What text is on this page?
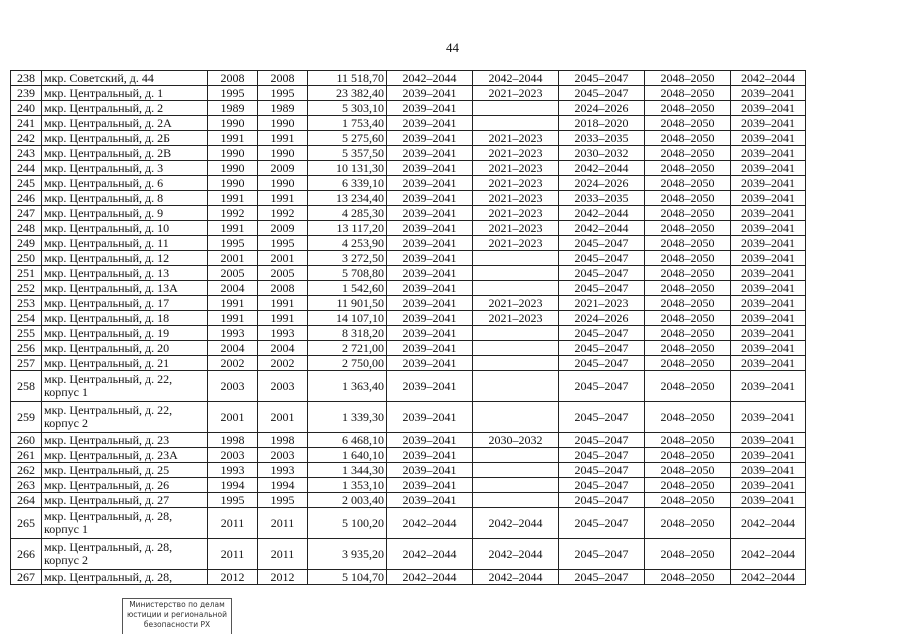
44
238	мкр. Советский, д. 44	2008	2008	11 518,70	2042–2044	2042–2044	2045–2047	2048–2050	2042–2044
239	мкр. Центральный, д. 1	1995	1995	23 382,40	2039–2041	2021–2023	2045–2047	2048–2050	2039–2041
240	мкр. Центральный, д. 2	1989	1989	5 303,10	2039–2041		2024–2026	2048–2050	2039–2041
241	мкр. Центральный, д. 2А	1990	1990	1 753,40	2039–2041		2018–2020	2048–2050	2039–2041
242	мкр. Центральный, д. 2Б	1991	1991	5 275,60	2039–2041	2021–2023	2033–2035	2048–2050	2039–2041
243	мкр. Центральный, д. 2В	1990	1990	5 357,50	2039–2041	2021–2023	2030–2032	2048–2050	2039–2041
244	мкр. Центральный, д. 3	1990	2009	10 131,30	2039–2041	2021–2023	2042–2044	2048–2050	2039–2041
245	мкр. Центральный, д. 6	1990	1990	6 339,10	2039–2041	2021–2023	2024–2026	2048–2050	2039–2041
246	мкр. Центральный, д. 8	1991	1991	13 234,40	2039–2041	2021–2023	2033–2035	2048–2050	2039–2041
247	мкр. Центральный, д. 9	1992	1992	4 285,30	2039–2041	2021–2023	2042–2044	2048–2050	2039–2041
248	мкр. Центральный, д. 10	1991	2009	13 117,20	2039–2041	2021–2023	2042–2044	2048–2050	2039–2041
249	мкр. Центральный, д. 11	1995	1995	4 253,90	2039–2041	2021–2023	2045–2047	2048–2050	2039–2041
250	мкр. Центральный, д. 12	2001	2001	3 272,50	2039–2041		2045–2047	2048–2050	2039–2041
251	мкр. Центральный, д. 13	2005	2005	5 708,80	2039–2041		2045–2047	2048–2050	2039–2041
252	мкр. Центральный, д. 13А	2004	2008	1 542,60	2039–2041		2045–2047	2048–2050	2039–2041
253	мкр. Центральный, д. 17	1991	1991	11 901,50	2039–2041	2021–2023	2021–2023	2048–2050	2039–2041
254	мкр. Центральный, д. 18	1991	1991	14 107,10	2039–2041	2021–2023	2024–2026	2048–2050	2039–2041
255	мкр. Центральный, д. 19	1993	1993	8 318,20	2039–2041		2045–2047	2048–2050	2039–2041
256	мкр. Центральный, д. 20	2004	2004	2 721,00	2039–2041		2045–2047	2048–2050	2039–2041
257	мкр. Центральный, д. 21	2002	2002	2 750,00	2039–2041		2045–2047	2048–2050	2039–2041
258	мкр. Центральный, д. 22, корпус 1	2003	2003	1 363,40	2039–2041		2045–2047	2048–2050	2039–2041
259	мкр. Центральный, д. 22, корпус 2	2001	2001	1 339,30	2039–2041		2045–2047	2048–2050	2039–2041
260	мкр. Центральный, д. 23	1998	1998	6 468,10	2039–2041	2030–2032	2045–2047	2048–2050	2039–2041
261	мкр. Центральный, д. 23А	2003	2003	1 640,10	2039–2041		2045–2047	2048–2050	2039–2041
262	мкр. Центральный, д. 25	1993	1993	1 344,30	2039–2041		2045–2047	2048–2050	2039–2041
263	мкр. Центральный, д. 26	1994	1994	1 353,10	2039–2041		2045–2047	2048–2050	2039–2041
264	мкр. Центральный, д. 27	1995	1995	2 003,40	2039–2041		2045–2047	2048–2050	2039–2041
265	мкр. Центральный, д. 28, корпус 1	2011	2011	5 100,20	2042–2044	2042–2044	2045–2047	2048–2050	2042–2044
266	мкр. Центральный, д. 28, корпус 2	2011	2011	3 935,20	2042–2044	2042–2044	2045–2047	2048–2050	2042–2044
267	мкр. Центральный, д. 28,	2012	2012	5 104,70	2042–2044	2042–2044	2045–2047	2048–2050	2042–2044
Министерство по делам
юстиции и региональной
безопасности РХ
